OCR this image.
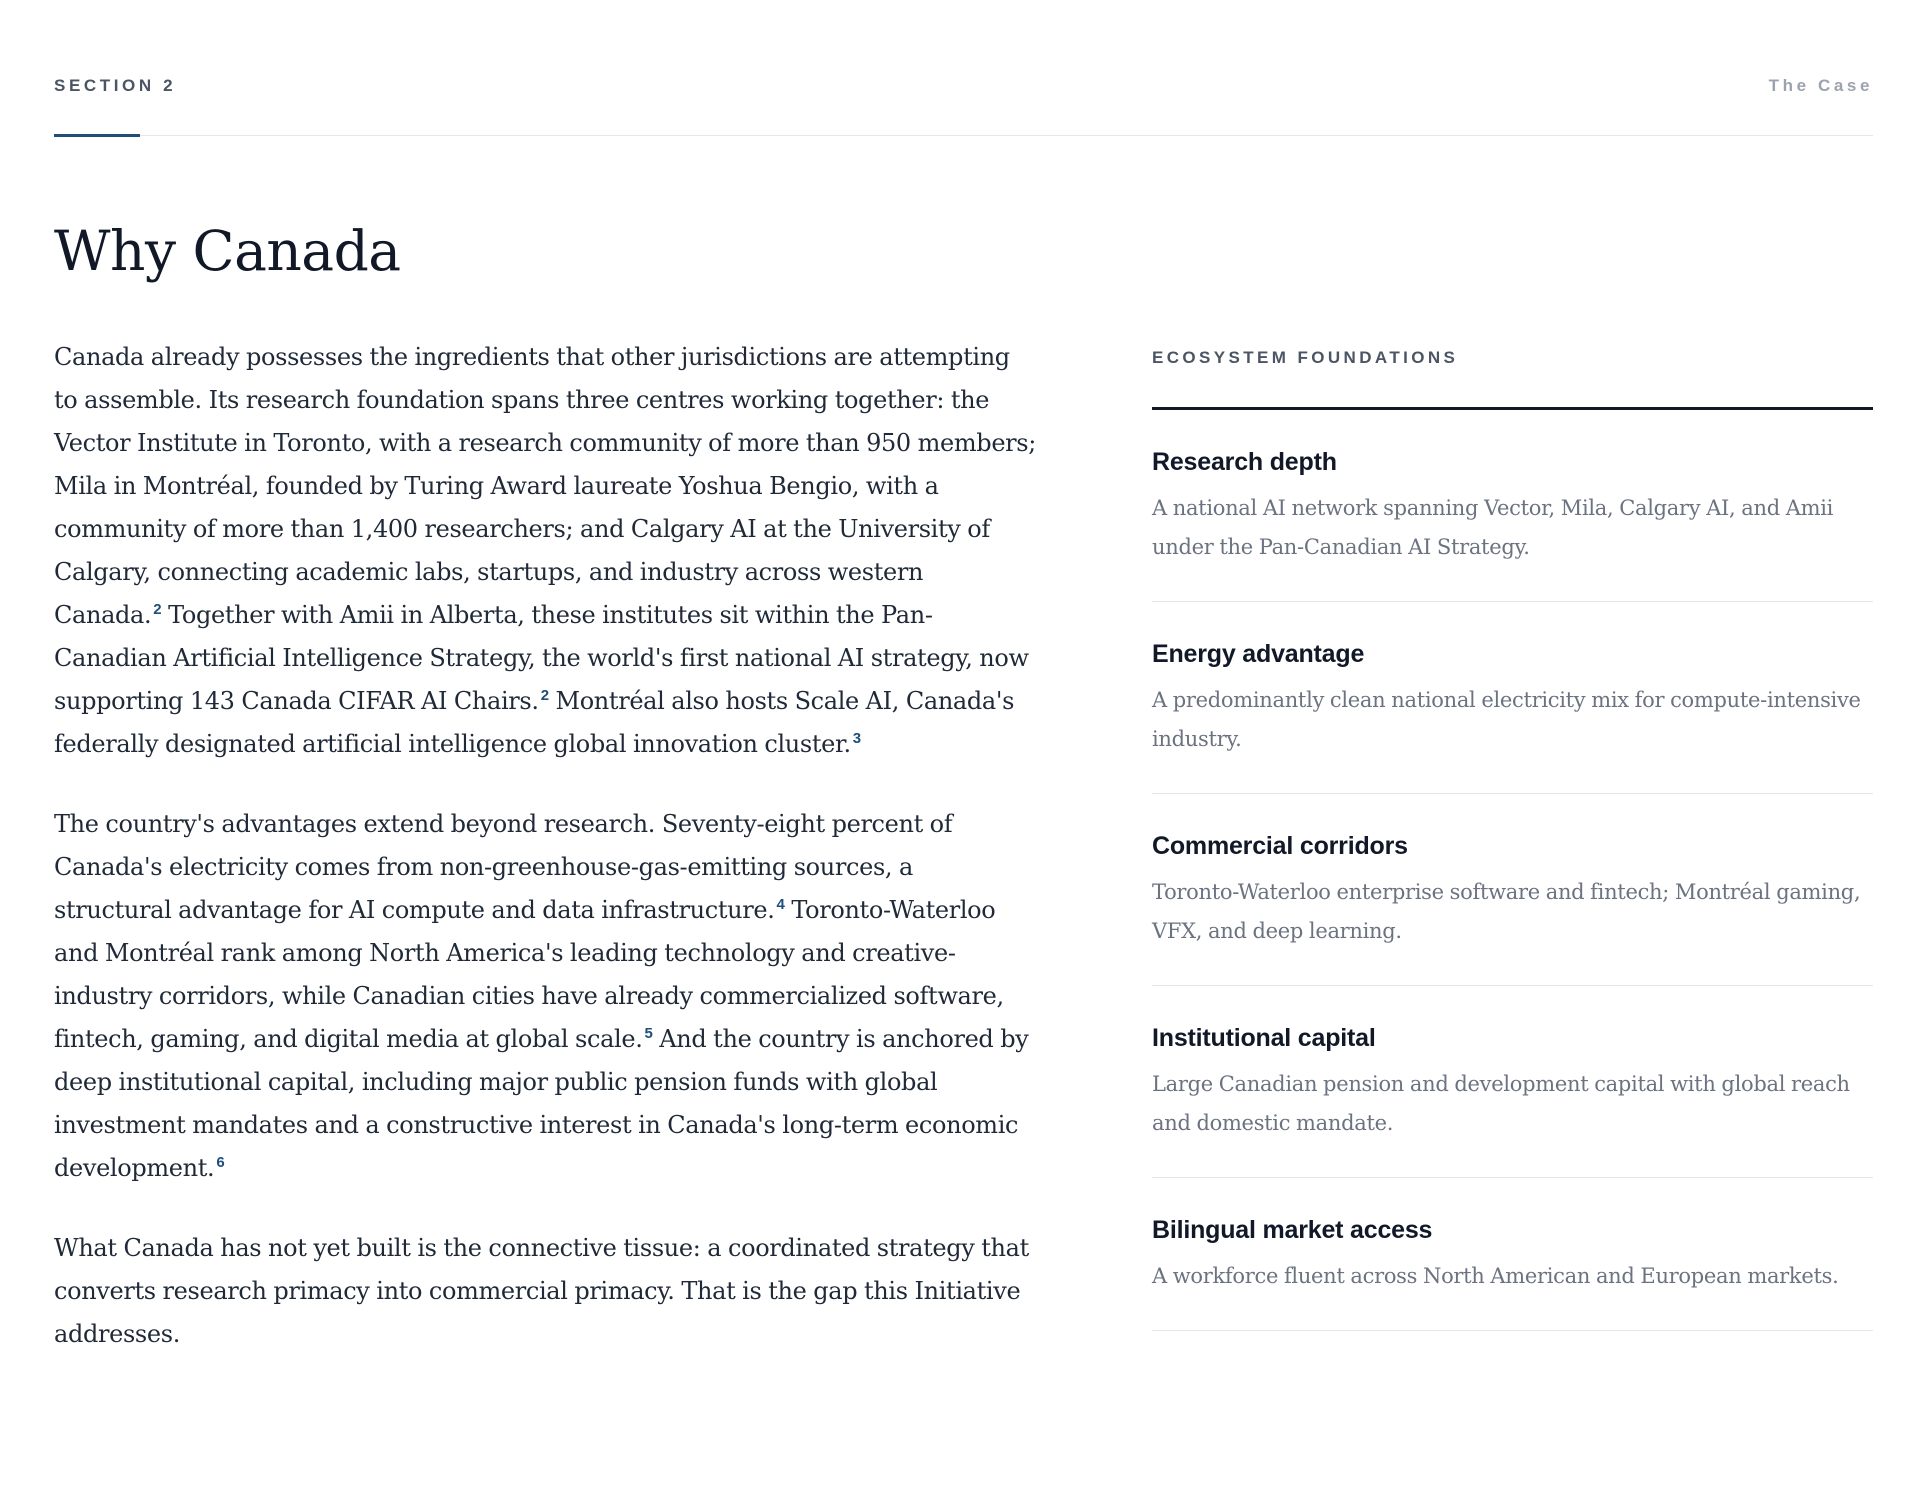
SECTION 2	The Case
Why Canada

Canada already possesses the ingredients that other jurisdictions are attempting to assemble. Its research foundation spans three centres working together: the Vector Institute in Toronto, with a research community of more than 950 members; Mila in Montréal, founded by Turing Award laureate Yoshua Bengio, with a community of more than 1,400 researchers; and Calgary AI at the University of Calgary, connecting academic labs, startups, and industry across western Canada. $^2$ Together with Amii in Alberta, these institutes sit within the Pan-Canadian Artificial Intelligence Strategy, the world's first national AI strategy, now supporting 143 Canada CIFAR AI Chairs. $^2$ Montréal also hosts Scale AI, Canada's federally designated artificial intelligence global innovation cluster. $^3$

The country's advantages extend beyond research. Seventy-eight percent of Canada's electricity comes from non-greenhouse-gas-emitting sources, a structural advantage for AI compute and data infrastructure. $^4$ Toronto-Waterloo and Montréal rank among North America's leading technology and creative-industry corridors, while Canadian cities have already commercialized software, fintech, gaming, and digital media at global scale. $^5$ And the country is anchored by deep institutional capital, including major public pension funds with global investment mandates and a constructive interest in Canada's long-term economic development. $^6$

What Canada has not yet built is the connective tissue: a coordinated strategy that converts research primacy into commercial primacy. That is the gap this Initiative addresses.

ECOSYSTEM FOUNDATIONS
Research depth

A national AI network spanning Vector, Mila, Calgary AI, and Amii under the Pan-Canadian AI Strategy.

Energy advantage

A predominantly clean national electricity mix for compute-intensive industry.

Commercial corridors

Toronto-Waterloo enterprise software and fintech; Montréal gaming, VFX, and deep learning.

Institutional capital

Large Canadian pension and development capital with global reach and domestic mandate.

Bilingual market access

A workforce fluent across North American and European markets.
